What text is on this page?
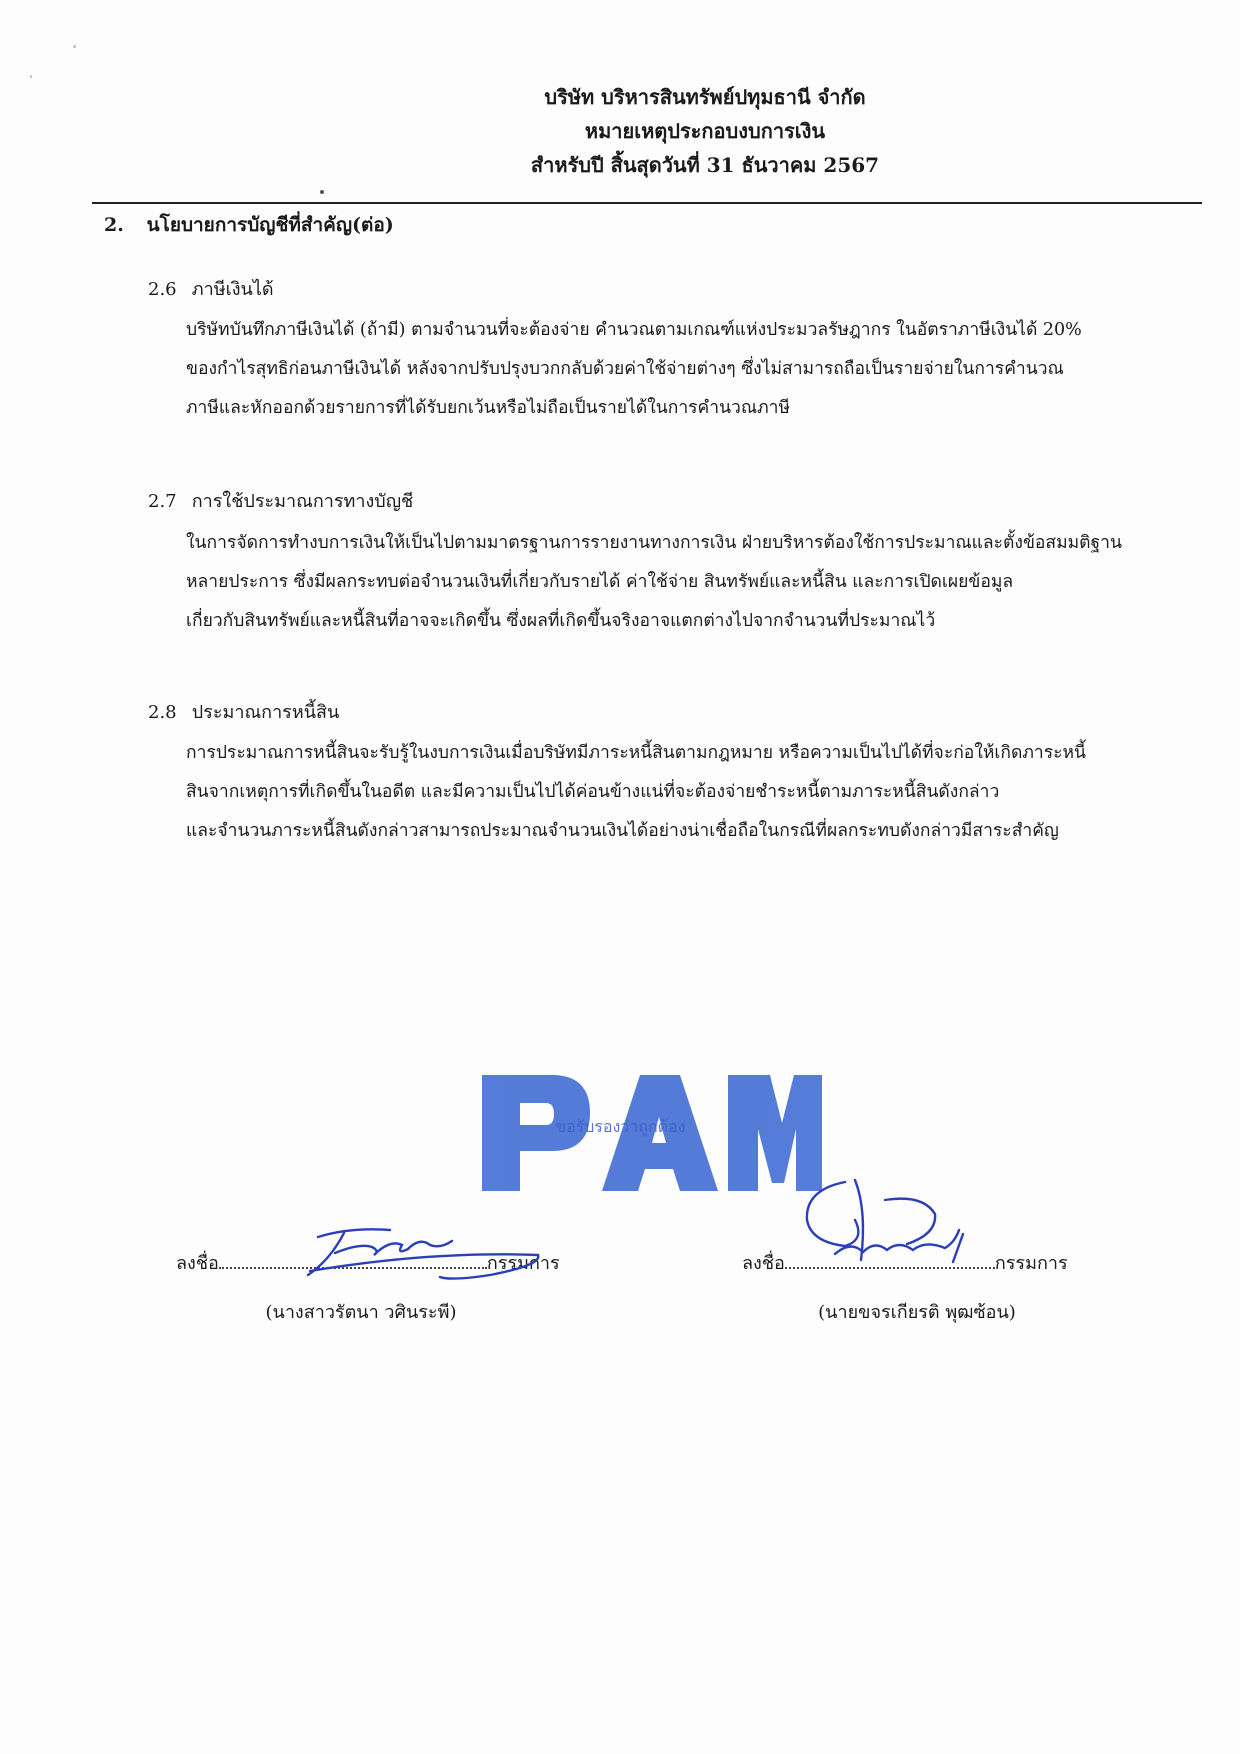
บริษัท บริหารสินทรัพย์ปทุมธานี จำกัด
หมายเหตุประกอบงบการเงิน
สำหรับปี สิ้นสุดวันที่ 31 ธันวาคม 2567
2. นโยบายการบัญชีที่สำคัญ(ต่อ)
2.6 ภาษีเงินได้
บริษัทบันทึกภาษีเงินได้ (ถ้ามี) ตามจำนวนที่จะต้องจ่าย คำนวณตามเกณฑ์แห่งประมวลรัษฎากร ในอัตราภาษีเงินได้ 20%
ของกำไรสุทธิก่อนภาษีเงินได้ หลังจากปรับปรุงบวกกลับด้วยค่าใช้จ่ายต่างๆ ซึ่งไม่สามารถถือเป็นรายจ่ายในการคำนวณ
ภาษีและหักออกด้วยรายการที่ได้รับยกเว้นหรือไม่ถือเป็นรายได้ในการคำนวณภาษี
2.7 การใช้ประมาณการทางบัญชี
ในการจัดการทำงบการเงินให้เป็นไปตามมาตรฐานการรายงานทางการเงิน ฝ่ายบริหารต้องใช้การประมาณและตั้งข้อสมมติฐาน
หลายประการ ซึ่งมีผลกระทบต่อจำนวนเงินที่เกี่ยวกับรายได้ ค่าใช้จ่าย สินทรัพย์และหนี้สิน และการเปิดเผยข้อมูล
เกี่ยวกับสินทรัพย์และหนี้สินที่อาจจะเกิดขึ้น ซึ่งผลที่เกิดขึ้นจริงอาจแตกต่างไปจากจำนวนที่ประมาณไว้
2.8 ประมาณการหนี้สิน
การประมาณการหนี้สินจะรับรู้ในงบการเงินเมื่อบริษัทมีภาระหนี้สินตามกฎหมาย หรือความเป็นไปได้ที่จะก่อให้เกิดภาระหนี้
สินจากเหตุการที่เกิดขึ้นในอดีต และมีความเป็นไปได้ค่อนข้างแน่ที่จะต้องจ่ายชำระหนี้ตามภาระหนี้สินดังกล่าว
และจำนวนภาระหนี้สินดังกล่าวสามารถประมาณจำนวนเงินได้อย่างน่าเชื่อถือในกรณีที่ผลกระทบดังกล่าวมีสาระสำคัญ
ขอรับรองว่าถูกต้อง
ลงชื่อ	กรรมการ
(นางสาวรัตนา วศินระพี)
ลงชื่อ	กรรมการ
(นายขจรเกียรติ พุฒซ้อน)
